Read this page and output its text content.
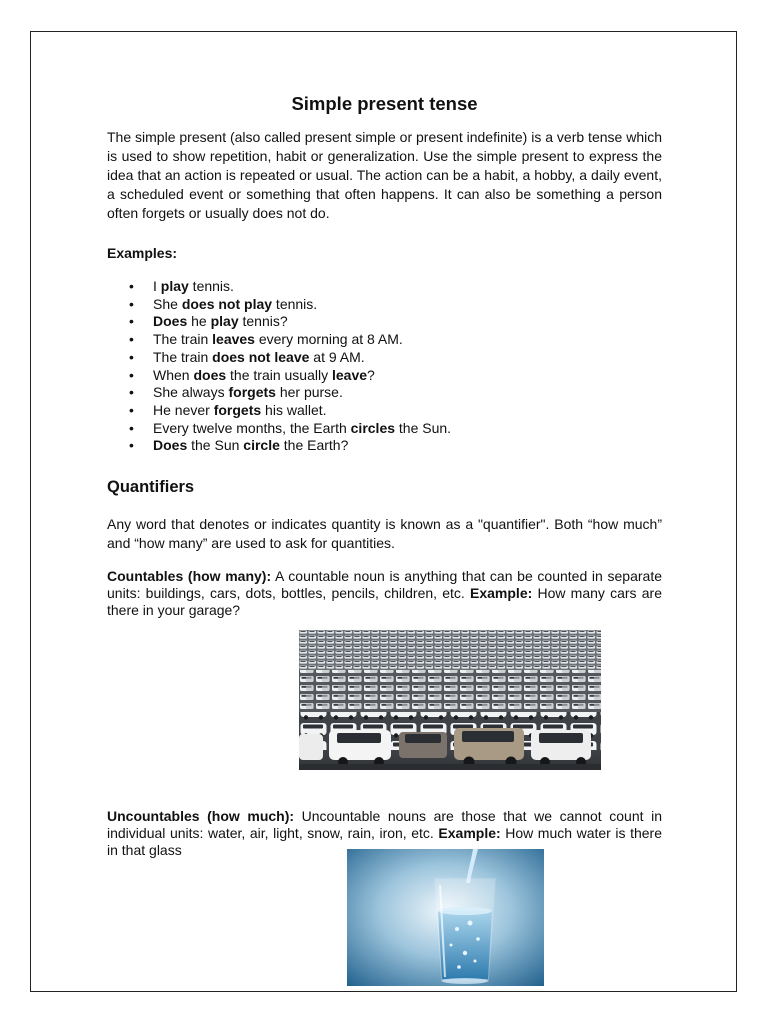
Simple present tense

The simple present (also called present simple or present indefinite) is a verb tense which is used to show repetition, habit or generalization. Use the simple present to express the idea that an action is repeated or usual. The action can be a habit, a hobby, a daily event, a scheduled event or something that often happens. It can also be something a person often forgets or usually does not do.

Examples:

• I play tennis.
• She does not play tennis.
• Does he play tennis?
• The train leaves every morning at 8 AM.
• The train does not leave at 9 AM.
• When does the train usually leave?
• She always forgets her purse.
• He never forgets his wallet.
• Every twelve months, the Earth circles the Sun.
• Does the Sun circle the Earth?
Quantifiers

Any word that denotes or indicates quantity is known as a "quantifier". Both “how much” and “how many” are used to ask for quantities.

Countables (how many): A countable noun is anything that can be counted in separate units: buildings, cars, dots, bottles, pencils, children, etc. Example: How many cars are there in your garage?

Uncountables (how much): Uncountable nouns are those that we cannot count in individual units: water, air, light, snow, rain, iron, etc. Example: How much water is there in that glass
